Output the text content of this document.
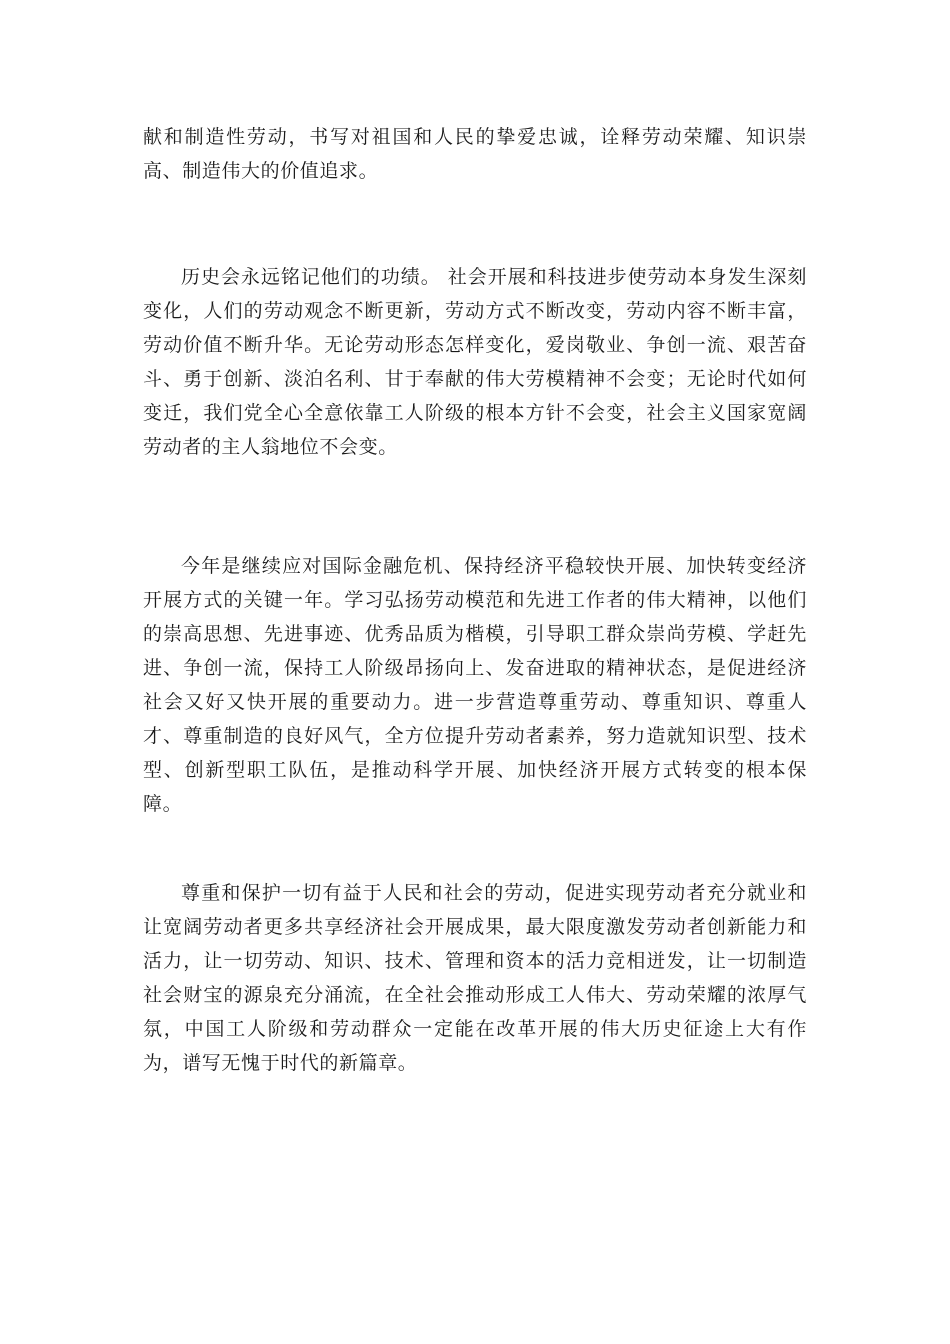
献和制造性劳动，书写对祖国和人民的挚爱忠诚，诠释劳动荣耀、知识崇高、制造伟大的价值追求。

历史会永远铭记他们的功绩。 社会开展和科技进步使劳动本身发生深刻变化，人们的劳动观念不断更新，劳动方式不断改变，劳动内容不断丰富，劳动价值不断升华。无论劳动形态怎样变化，爱岗敬业、争创一流、艰苦奋斗、勇于创新、淡泊名利、甘于奉献的伟大劳模精神不会变；无论时代如何变迁，我们党全心全意依靠工人阶级的根本方针不会变，社会主义国家宽阔劳动者的主人翁地位不会变。

今年是继续应对国际金融危机、保持经济平稳较快开展、加快转变经济开展方式的关键一年。学习弘扬劳动模范和先进工作者的伟大精神，以他们的崇高思想、先进事迹、优秀品质为楷模，引导职工群众崇尚劳模、学赶先进、争创一流，保持工人阶级昂扬向上、发奋进取的精神状态，是促进经济社会又好又快开展的重要动力。进一步营造尊重劳动、尊重知识、尊重人才、尊重制造的良好风气，全方位提升劳动者素养，努力造就知识型、技术型、创新型职工队伍，是推动科学开展、加快经济开展方式转变的根本保障。

尊重和保护一切有益于人民和社会的劳动，促进实现劳动者充分就业和让宽阔劳动者更多共享经济社会开展成果，最大限度激发劳动者创新能力和活力，让一切劳动、知识、技术、管理和资本的活力竞相迸发，让一切制造社会财宝的源泉充分涌流，在全社会推动形成工人伟大、劳动荣耀的浓厚气氛，中国工人阶级和劳动群众一定能在改革开展的伟大历史征途上大有作为，谱写无愧于时代的新篇章。
